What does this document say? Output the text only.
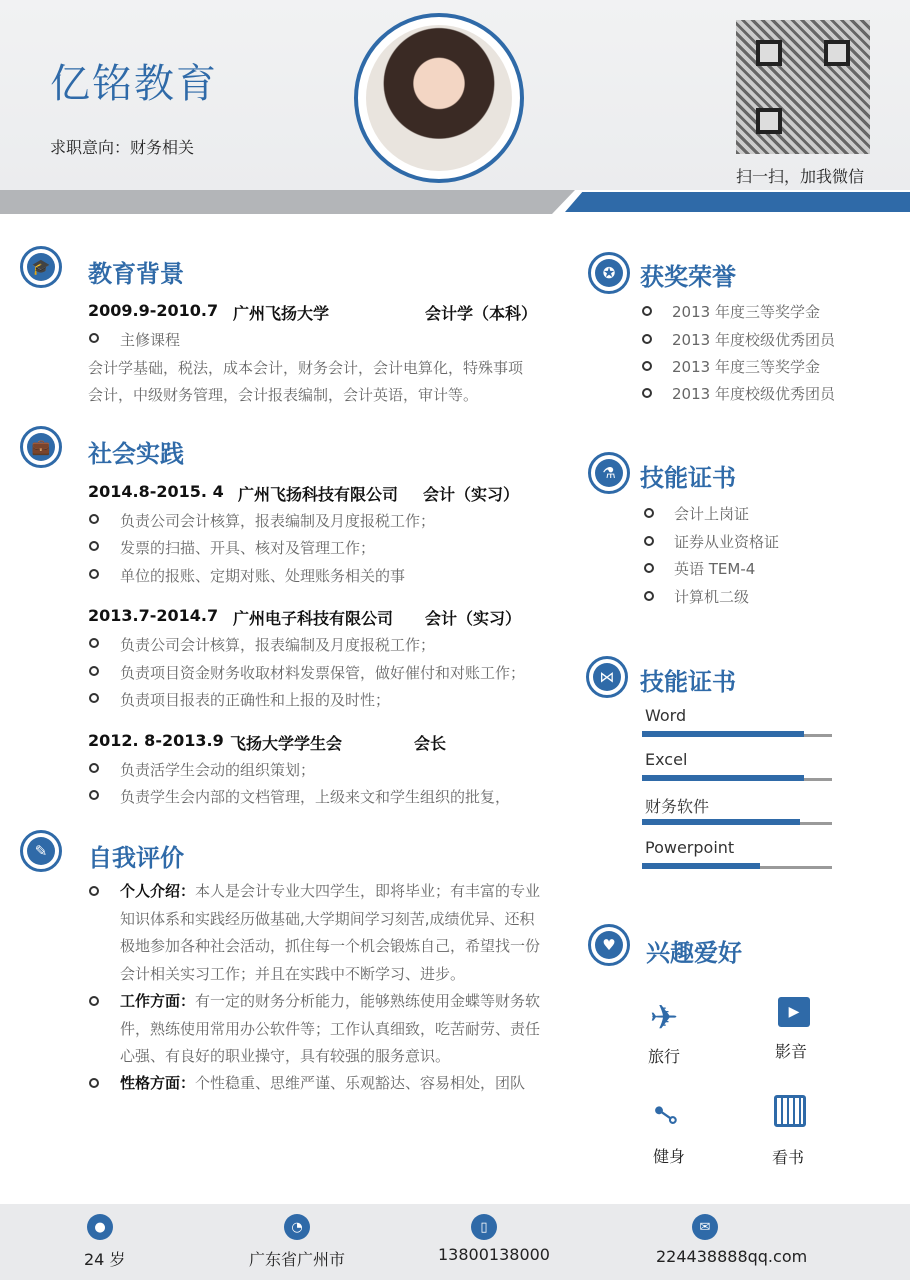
亿铭教育
求职意向：财务相关
扫一扫，加我微信
🎓 教育背景
2009.9-2010.7 广州飞扬大学	会计学（本科）
主修课程
会计学基础，税法，成本会计，财务会计，会计电算化，特殊事项
会计，中级财务管理，会计报表编制，会计英语，审计等。
💼 社会实践
2014.8-2015. 4 广州飞扬科技有限公司 会计（实习）
负责公司会计核算，报表编制及月度报税工作；
发票的扫描、开具、核对及管理工作；
单位的报账、定期对账、处理账务相关的事
2013.7-2014.7 广州电子科技有限公司 会计（实习）
负责公司会计核算，报表编制及月度报税工作；
负责项目资金财务收取材料发票保管，做好催付和对账工作；
负责项目报表的正确性和上报的及时性；
2012. 8-2013.9 飞扬大学学生会	会长
负责活学生会动的组织策划；
负责学生会内部的文档管理，上级来文和学生组织的批复，
✎	自我评价
个人介绍：本人是会计专业大四学生，即将毕业；有丰富的专业知识体系和实践经历做基础,大学期间学习刻苦,成绩优异、还积极地参加各种社会活动，抓住每一个机会锻炼自己，希望找一份会计相关实习工作；并且在实践中不断学习、进步。
工作方面：有一定的财务分析能力，能够熟练使用金蝶等财务软件，熟练使用常用办公软件等；工作认真细致，吃苦耐劳、责任心强、有良好的职业操守，具有较强的服务意识。
性格方面：个性稳重、思维严谨、乐观豁达、容易相处，团队
✪	获奖荣誉
2013 年度三等奖学金
2013 年度校级优秀团员
2013 年度三等奖学金
2013 年度校级优秀团员
⚗	技能证书
会计上岗证
证券从业资格证
英语 TEM-4
计算机二级
⋈ 技能证书
Word
Excel
财务软件
Powerpoint
♥	兴趣爱好
✈
旅行
▶
影音
⊷
健身	看书
●
24 岁
◔
广东省广州市
▯
13800138000
✉
224438888qq.com
